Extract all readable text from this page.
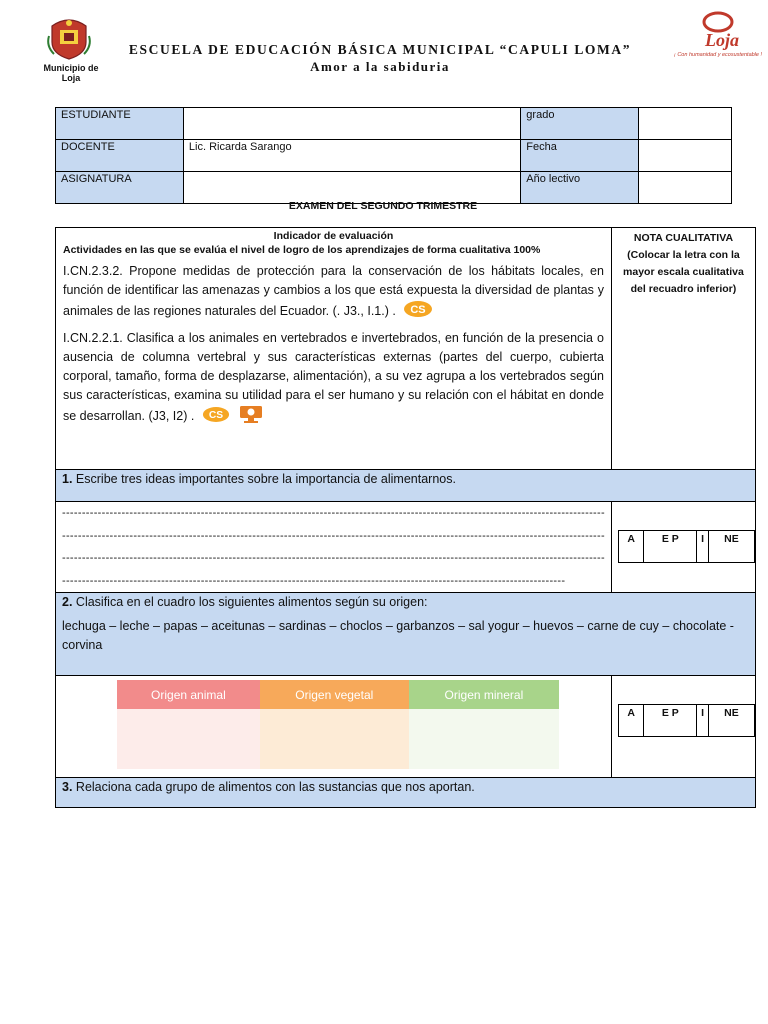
Municipio de Loja
ESCUELA DE EDUCACIÓN BÁSICA MUNICIPAL “CAPULI LOMA”
Amor a la sabiduria
Loja
¡ Con humanidad y ecosustentable !
ESTUDIANTE		grado	
DOCENTE	Lic. Ricarda Sarango	Fecha	
ASIGNATURA		Año lectivo	
EXAMEN DEL SEGUNDO TRIMESTRE
Indicador de evaluación
Actividades en las que se evalúa el nivel de logro de los aprendizajes de forma cualitativa 100%
I.CN.2.3.2. Propone medidas de protección para la conservación de los hábitats locales, en función de identificar las amenazas y cambios a los que está expuesta la diversidad de plantas y animales de las regiones naturales del Ecuador. (. J3., I.1.) . CS
I.CN.2.2.1. Clasifica a los animales en vertebrados e invertebrados, en función de la presencia o ausencia de columna vertebral y sus características externas (partes del cuerpo, cubierta corporal, tamaño, forma de desplazarse, alimentación), a su vez agrupa a los vertebrados según sus características, examina su utilidad para el ser humano y su relación con el hábitat en donde se desarrollan. (J3, I2) . CS

NOTA CUALITATIVA
(Colocar la letra con la mayor escala cualitativa del recuadro inferior)

1. Escribe tres ideas importantes sobre la importancia de alimentarnos.

-----------------------------------------------------------------------------------------------------------------------------------------
-----------------------------------------------------------------------------------------------------------------------------------------
-----------------------------------------------------------------------------------------------------------------------------------------
-------------------------------------------------------------------------------------------------------------------------------

A	E P	I	NE

2. Clasifica en el cuadro los siguientes alimentos según su origen:
lechuga – leche – papas – aceitunas – sardinas – choclos – garbanzos – sal yogur – huevos – carne de cuy – chocolate - corvina

Origen animal	Origen vegetal	Origen mineral

A	E P	I	NE

3. Relaciona cada grupo de alimentos con las sustancias que nos aportan.
